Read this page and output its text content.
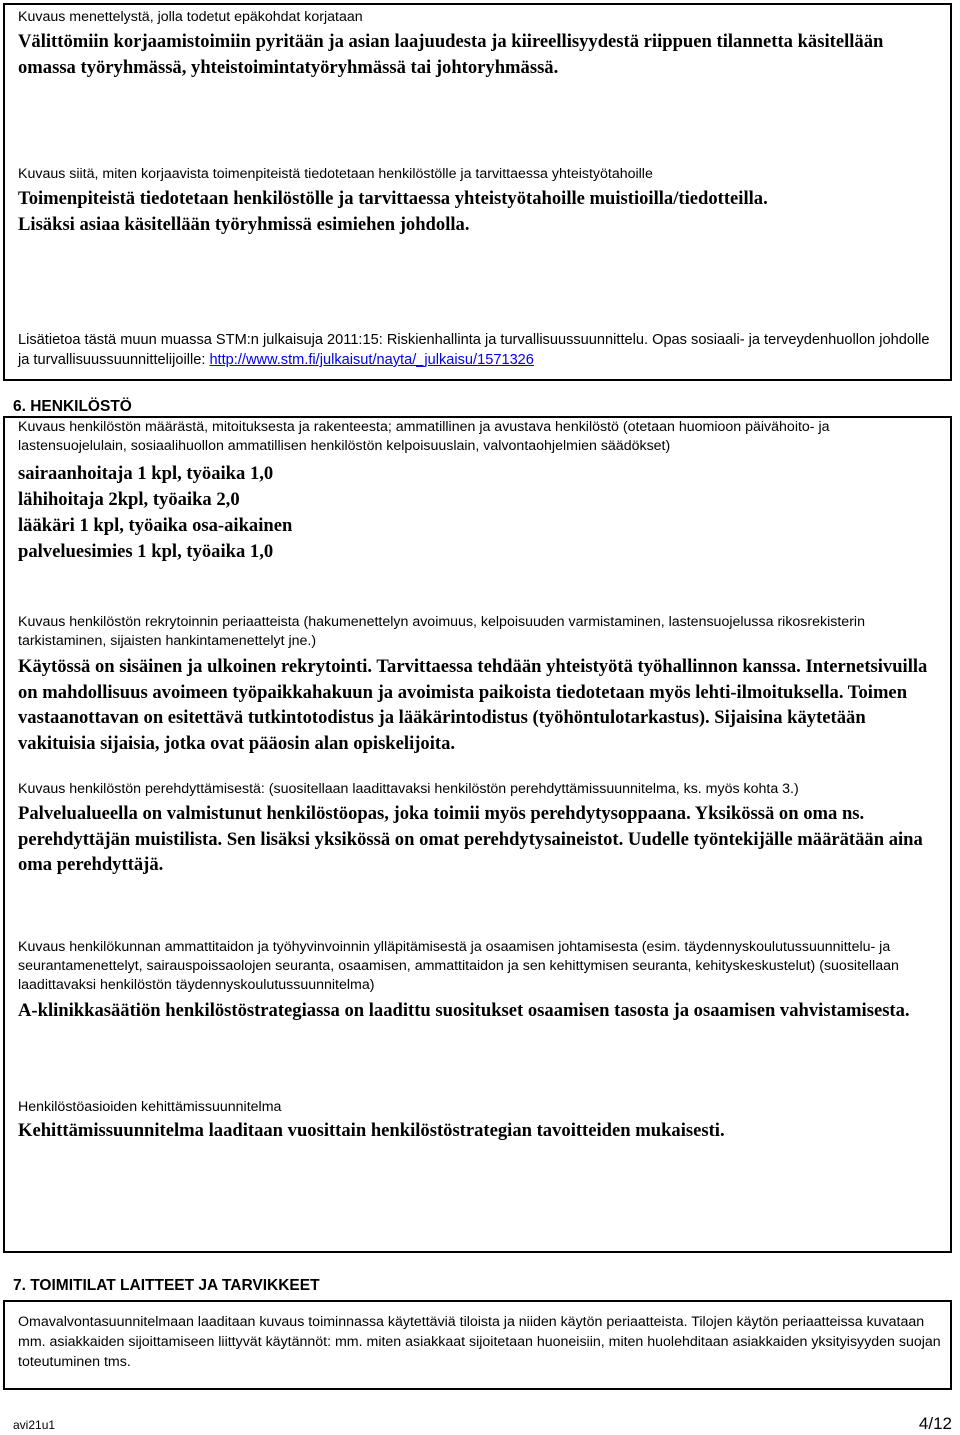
Kuvaus menettelystä, jolla todetut epäkohdat korjataan

Välittömiin korjaamistoimiin pyritään ja asian laajuudesta ja kiireellisyydestä riippuen tilannetta käsitellään omassa työryhmässä, yhteistoimintatyöryhmässä tai johtoryhmässä.

Kuvaus siitä, miten korjaavista toimenpiteistä tiedotetaan henkilöstölle ja tarvittaessa yhteistyötahoille

Toimenpiteistä tiedotetaan henkilöstölle ja tarvittaessa yhteistyötahoille muistioilla/tiedotteilla.

Lisäksi asiaa käsitellään työryhmissä esimiehen johdolla.

Lisätietoa tästä muun muassa STM:n julkaisuja 2011:15: Riskienhallinta ja turvallisuussuunnittelu. Opas sosiaali- ja terveydenhuollon johdolle ja turvallisuussuunnittelijoille: http://www.stm.fi/julkaisut/nayta/_julkaisu/1571326

6. HENKILÖSTÖ

Kuvaus henkilöstön määrästä, mitoituksesta ja rakenteesta; ammatillinen ja avustava henkilöstö (otetaan huomioon päivähoito- ja lastensuojelulain, sosiaalihuollon ammatillisen henkilöstön kelpoisuuslain, valvontaohjelmien säädökset)

sairaanhoitaja 1 kpl, työaika 1,0

lähihoitaja 2kpl, työaika 2,0

lääkäri 1 kpl, työaika osa-aikainen

palveluesimies 1 kpl, työaika 1,0

Kuvaus henkilöstön rekrytoinnin periaatteista (hakumenettelyn avoimuus, kelpoisuuden varmistaminen, lastensuojelussa rikosrekisterin tarkistaminen, sijaisten hankintamenettelyt jne.)

Käytössä on sisäinen ja ulkoinen rekrytointi. Tarvittaessa tehdään yhteistyötä työhallinnon kanssa. Internetsivuilla on mahdollisuus avoimeen työpaikkahakuun ja avoimista paikoista tiedotetaan myös lehti-ilmoituksella. Toimen vastaanottavan on esitettävä tutkintotodistus ja lääkärintodistus (työhöntulotarkastus). Sijaisina käytetään vakituisia sijaisia, jotka ovat pääosin alan opiskelijoita.

Kuvaus henkilöstön perehdyttämisestä: (suositellaan laadittavaksi henkilöstön perehdyttämissuunnitelma, ks. myös kohta 3.)

Palvelualueella on valmistunut henkilöstöopas, joka toimii myös perehdytysoppaana. Yksikössä on oma ns. perehdyttäjän muistilista. Sen lisäksi yksikössä on omat perehdytysaineistot. Uudelle työntekijälle määrätään aina oma perehdyttäjä.

Kuvaus henkilökunnan ammattitaidon ja työhyvinvoinnin ylläpitämisestä ja osaamisen johtamisesta (esim. täydennyskoulutussuunnittelu- ja seurantamenettelyt, sairauspoissaolojen seuranta, osaamisen, ammattitaidon ja sen kehittymisen seuranta, kehityskeskustelut) (suositellaan laadittavaksi henkilöstön täydennyskoulutussuunnitelma)

A-klinikkasäätiön henkilöstöstrategiassa on laadittu suositukset osaamisen tasosta ja osaamisen vahvistamisesta.

Henkilöstöasioiden kehittämissuunnitelma

Kehittämissuunnitelma laaditaan vuosittain henkilöstöstrategian tavoitteiden mukaisesti.

7. TOIMITILAT LAITTEET JA TARVIKKEET

Omavalvontasuunnitelmaan laaditaan kuvaus toiminnassa käytettäviä tiloista ja niiden käytön periaatteista. Tilojen käytön periaatteissa kuvataan mm. asiakkaiden sijoittamiseen liittyvät käytännöt: mm. miten asiakkaat sijoitetaan huoneisiin, miten huolehditaan asiakkaiden yksityisyyden suojan toteutuminen tms.

avi21u1	4/12
